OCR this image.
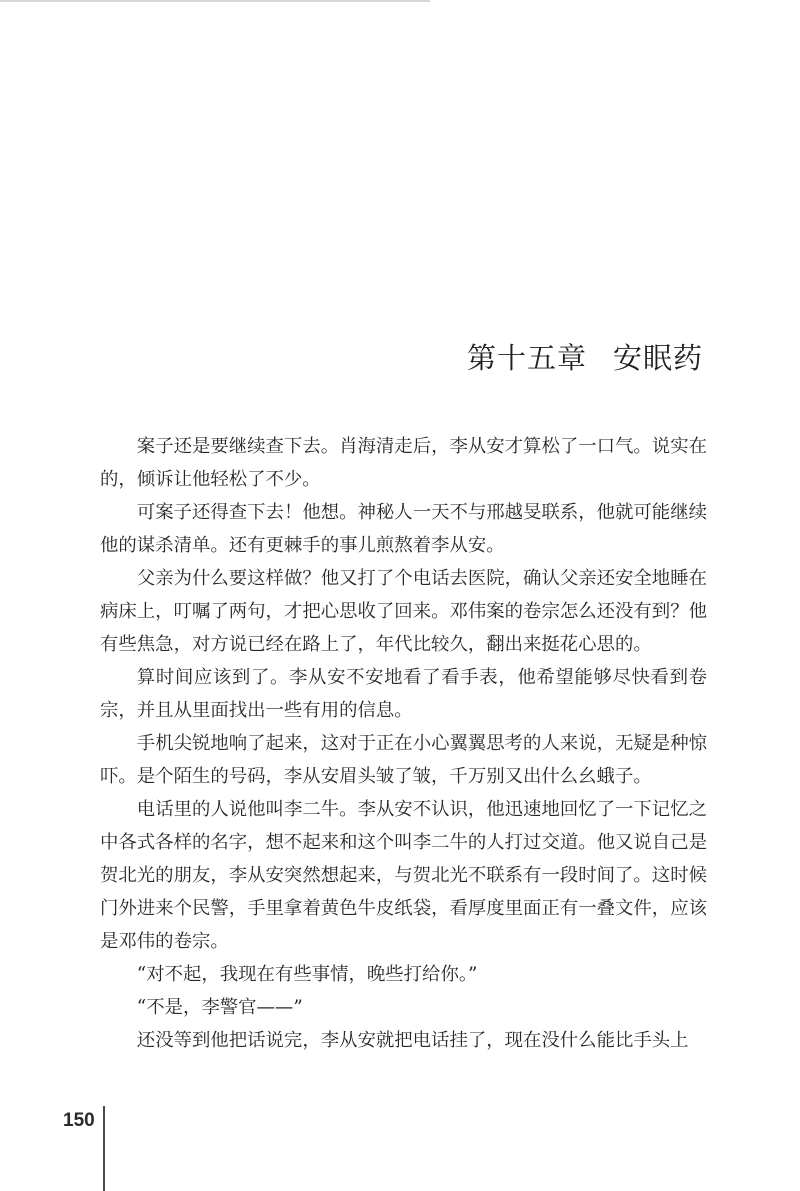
第十五章 安眠药

案子还是要继续查下去。肖海清走后，李从安才算松了一口气。说实在的，倾诉让他轻松了不少。

可案子还得查下去！他想。神秘人一天不与邢越旻联系，他就可能继续他的谋杀清单。还有更棘手的事儿煎熬着李从安。

父亲为什么要这样做？他又打了个电话去医院，确认父亲还安全地睡在病床上，叮嘱了两句，才把心思收了回来。邓伟案的卷宗怎么还没有到？他有些焦急，对方说已经在路上了，年代比较久，翻出来挺花心思的。

算时间应该到了。李从安不安地看了看手表，他希望能够尽快看到卷宗，并且从里面找出一些有用的信息。

手机尖锐地响了起来，这对于正在小心翼翼思考的人来说，无疑是种惊吓。是个陌生的号码，李从安眉头皱了皱，千万别又出什么幺蛾子。

电话里的人说他叫李二牛。李从安不认识，他迅速地回忆了一下记忆之中各式各样的名字，想不起来和这个叫李二牛的人打过交道。他又说自己是贺北光的朋友，李从安突然想起来，与贺北光不联系有一段时间了。这时候门外进来个民警，手里拿着黄色牛皮纸袋，看厚度里面正有一叠文件，应该是邓伟的卷宗。

“对不起，我现在有些事情，晚些打给你。”

“不是，李警官——”

还没等到他把话说完，李从安就把电话挂了，现在没什么能比手头上

150
